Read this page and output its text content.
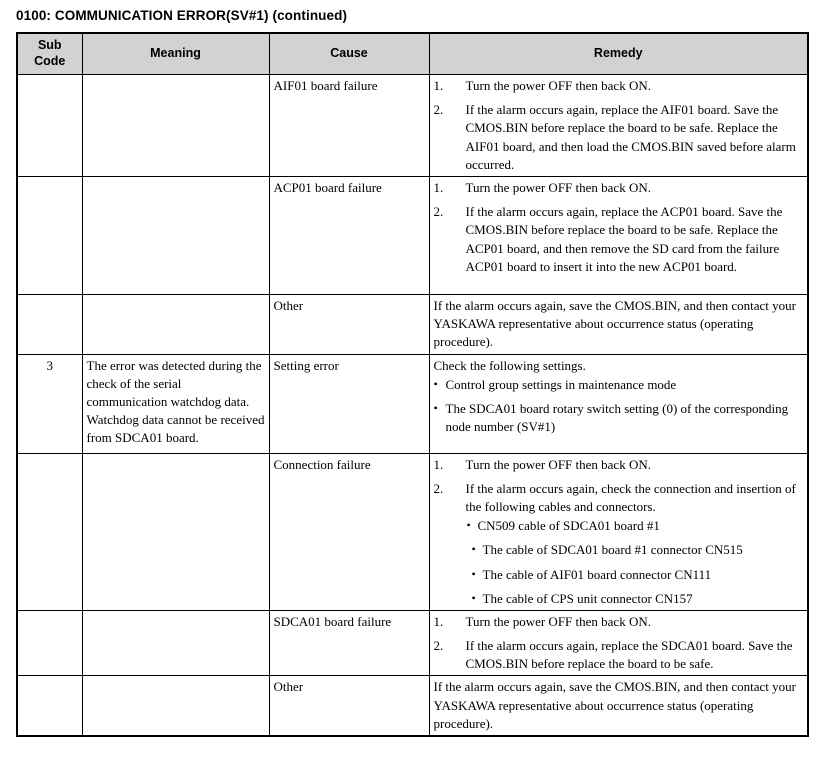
0100: COMMUNICATION ERROR(SV#1) (continued)
Sub Code	Meaning	Cause	Remedy
		AIF01 board failure	1. Turn the power OFF then back ON.
2. If the alarm occurs again, replace the AIF01 board. Save the CMOS.BIN before replace the board to be safe. Replace the AIF01 board, and then load the CMOS.BIN saved before alarm occurred.

		ACP01 board failure	1. Turn the power OFF then back ON.
2. If the alarm occurs again, replace the ACP01 board. Save the CMOS.BIN before replace the board to be safe. Replace the ACP01 board, and then remove the SD card from the failure ACP01 board to insert it into the new ACP01 board.

		Other	If the alarm occurs again, save the CMOS.BIN, and then contact your YASKAWA representative about occurrence status (operating procedure).

3	The error was detected during the check of the serial communication watchdog data. Watchdog data cannot be received from SDCA01 board.	Setting error	Check the following settings.
• Control group settings in maintenance mode
• The SDCA01 board rotary switch setting (0) of the corresponding node number (SV#1)

		Connection failure	1.	Turn the power OFF then back ON.
2.	If the alarm occurs again, check the connection and insertion of the following cables and connectors.
• CN509 cable of SDCA01 board #1
• The cable of SDCA01 board #1 connector CN515
• The cable of AIF01 board connector CN111
• The cable of CPS unit connector CN157

		SDCA01 board failure	1. Turn the power OFF then back ON.
2. If the alarm occurs again, replace the SDCA01 board. Save the CMOS.BIN before replace the board to be safe.

		Other	If the alarm occurs again, save the CMOS.BIN, and then contact your YASKAWA representative about occurrence status (operating procedure).
